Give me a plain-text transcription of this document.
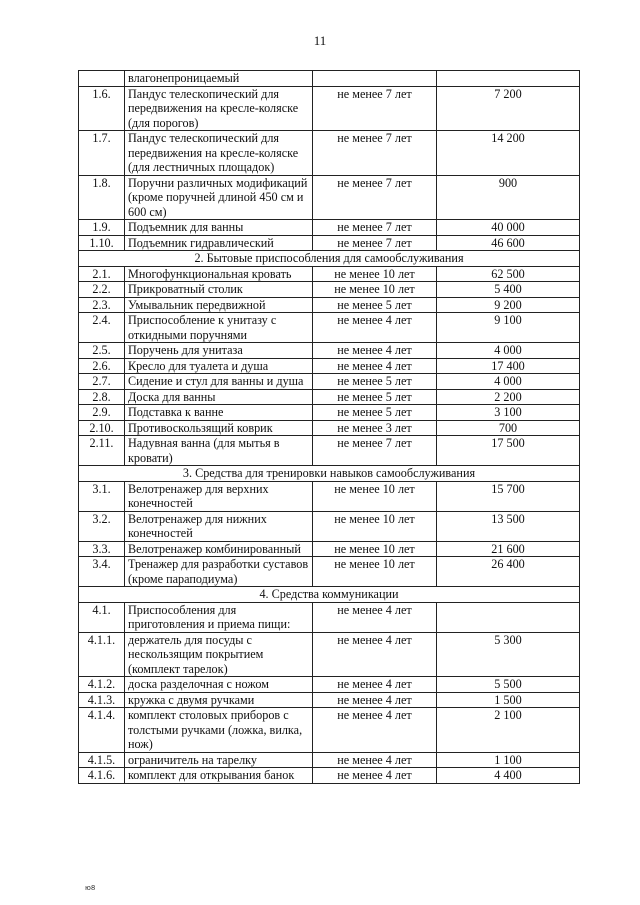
11
	влагонепроницаемый		
1.6.	Пандус телескопический для передвижения на кресле-коляске (для порогов)	не менее 7 лет	7 200
1.7.	Пандус телескопический для передвижения на кресле-коляске (для лестничных площадок)	не менее 7 лет	14 200
1.8.	Поручни различных модификаций (кроме поручней длиной 450 см и 600 см)	не менее 7 лет	900
1.9.	Подъемник для ванны	не менее 7 лет	40 000
1.10.	Подъемник гидравлический	не менее 7 лет	46 600
2. Бытовые приспособления для самообслуживания			
2.1.	Многофункциональная кровать	не менее 10 лет	62 500
2.2.	Прикроватный столик	не менее 10 лет	5 400
2.3.	Умывальник передвижной	не менее 5 лет	9 200
2.4.	Приспособление к унитазу с откидными поручнями	не менее 4 лет	9 100
2.5.	Поручень для унитаза	не менее 4 лет	4 000
2.6.	Кресло для туалета и душа	не менее 4 лет	17 400
2.7.	Сидение и стул для ванны и душа	не менее 5 лет	4 000
2.8.	Доска для ванны	не менее 5 лет	2 200
2.9.	Подставка к ванне	не менее 5 лет	3 100
2.10.	Противоскользящий коврик	не менее 3 лет	700
2.11.	Надувная ванна (для мытья в кровати)	не менее 7 лет	17 500
3. Средства для тренировки навыков самообслуживания			
3.1.	Велотренажер для верхних конечностей	не менее 10 лет	15 700
3.2.	Велотренажер для нижних конечностей	не менее 10 лет	13 500
3.3.	Велотренажер комбинированный	не менее 10 лет	21 600
3.4.	Тренажер для разработки суставов (кроме параподиума)	не менее 10 лет	26 400
4. Средства коммуникации			
4.1.	Приспособления для приготовления и приема пищи:	не менее 4 лет	
4.1.1.	держатель для посуды с нескользящим покрытием (комплект тарелок)	не менее 4 лет	5 300
4.1.2.	доска разделочная с ножом	не менее 4 лет	5 500
4.1.3.	кружка с двумя ручками	не менее 4 лет	1 500
4.1.4.	комплект столовых приборов с толстыми ручками (ложка, вилка, нож)	не менее 4 лет	2 100
4.1.5.	ограничитель на тарелку	не менее 4 лет	1 100
4.1.6.	комплект для открывания банок	не менее 4 лет	4 400
ю8
